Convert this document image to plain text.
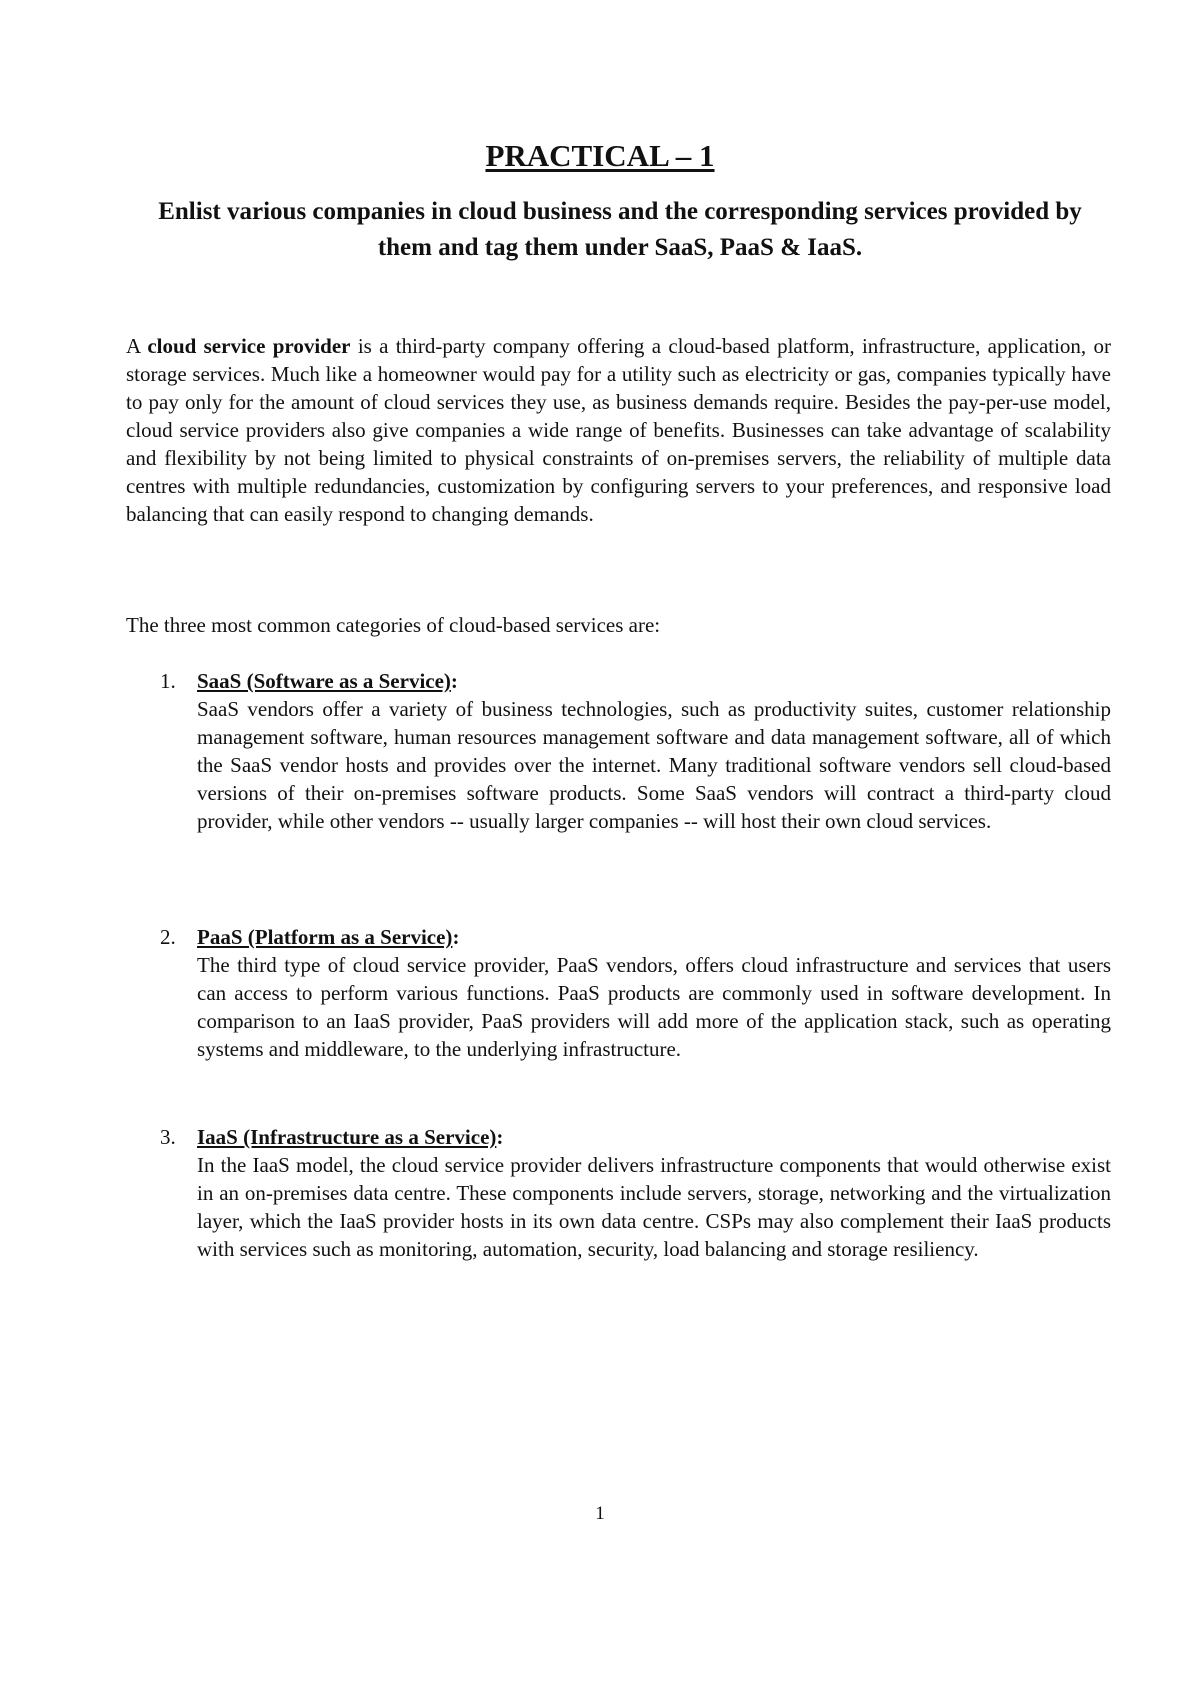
PRACTICAL – 1
Enlist various companies in cloud business and the corresponding services provided by them and tag them under SaaS, PaaS & IaaS.

A cloud service provider is a third-party company offering a cloud-based platform, infrastructure, application, or storage services. Much like a homeowner would pay for a utility such as electricity or gas, companies typically have to pay only for the amount of cloud services they use, as business demands require. Besides the pay-per-use model, cloud service providers also give companies a wide range of benefits. Businesses can take advantage of scalability and flexibility by not being limited to physical constraints of on-premises servers, the reliability of multiple data centres with multiple redundancies, customization by configuring servers to your preferences, and responsive load balancing that can easily respond to changing demands.

The three most common categories of cloud-based services are:

1. SaaS (Software as a Service):

SaaS vendors offer a variety of business technologies, such as productivity suites, customer relationship management software, human resources management software and data management software, all of which the SaaS vendor hosts and provides over the internet. Many traditional software vendors sell cloud-based versions of their on-premises software products. Some SaaS vendors will contract a third-party cloud provider, while other vendors -- usually larger companies -- will host their own cloud services.

2. PaaS (Platform as a Service):

The third type of cloud service provider, PaaS vendors, offers cloud infrastructure and services that users can access to perform various functions. PaaS products are commonly used in software development. In comparison to an IaaS provider, PaaS providers will add more of the application stack, such as operating systems and middleware, to the underlying infrastructure.

3. IaaS (Infrastructure as a Service):

In the IaaS model, the cloud service provider delivers infrastructure components that would otherwise exist in an on-premises data centre. These components include servers, storage, networking and the virtualization layer, which the IaaS provider hosts in its own data centre. CSPs may also complement their IaaS products with services such as monitoring, automation, security, load balancing and storage resiliency.

1
